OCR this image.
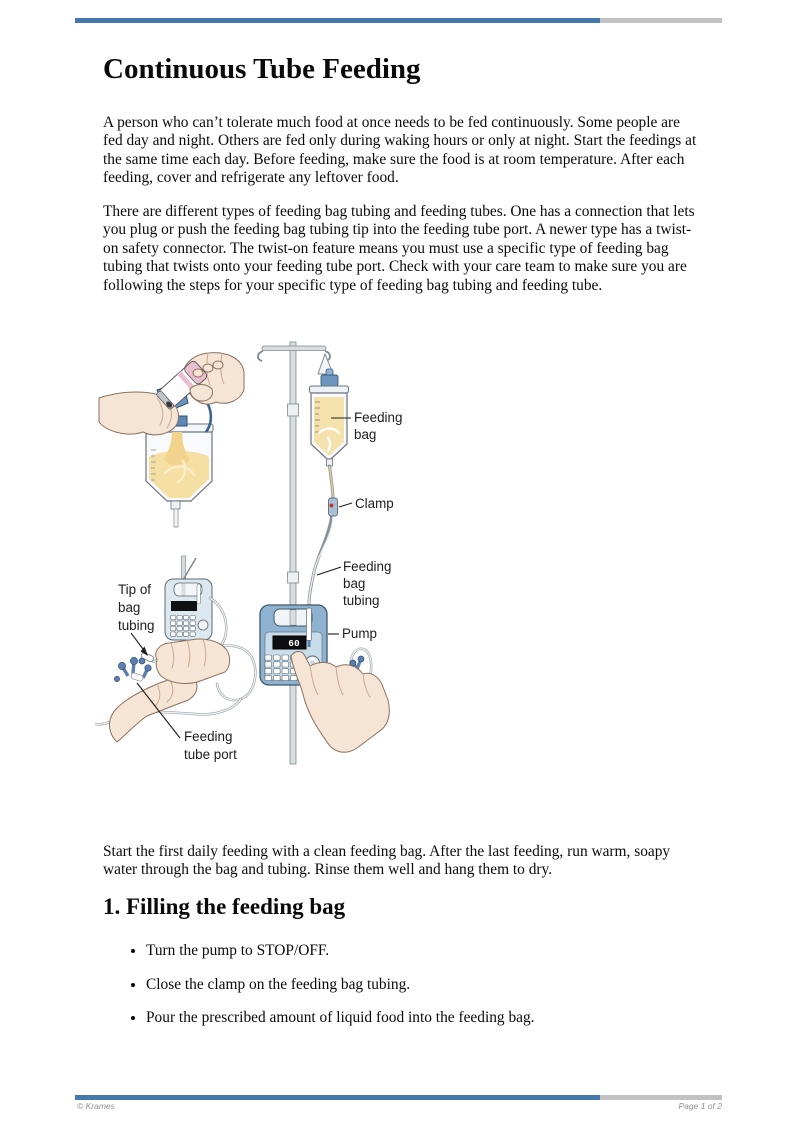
Continuous Tube Feeding

A person who can’t tolerate much food at once needs to be fed continuously. Some people are fed day and night. Others are fed only during waking hours or only at night. Start the feedings at the same time each day. Before feeding, make sure the food is at room temperature. After each feeding, cover and refrigerate any leftover food.

There are different types of feeding bag tubing and feeding tubes. One has a connection that lets you plug or push the feeding bag tubing tip into the feeding tube port. A newer type has a twist-on safety connector. The twist-on feature means you must use a specific type of feeding bag tubing that twists onto your feeding tube port. Check with your care team to make sure you are following the steps for your specific type of feeding bag tubing and feeding tube.

60
Feeding
bag
Clamp
Feeding
bag
tubing
Pump
Tip of
bag
tubing
Feeding
tube port

Start the first daily feeding with a clean feeding bag. After the last feeding, run warm, soapy water through the bag and tubing. Rinse them well and hang them to dry.

1. Filling the feeding bag
• Turn the pump to STOP/OFF.
• Close the clamp on the feeding bag tubing.
• Pour the prescribed amount of liquid food into the feeding bag.
© Krames	Page 1 of 2
